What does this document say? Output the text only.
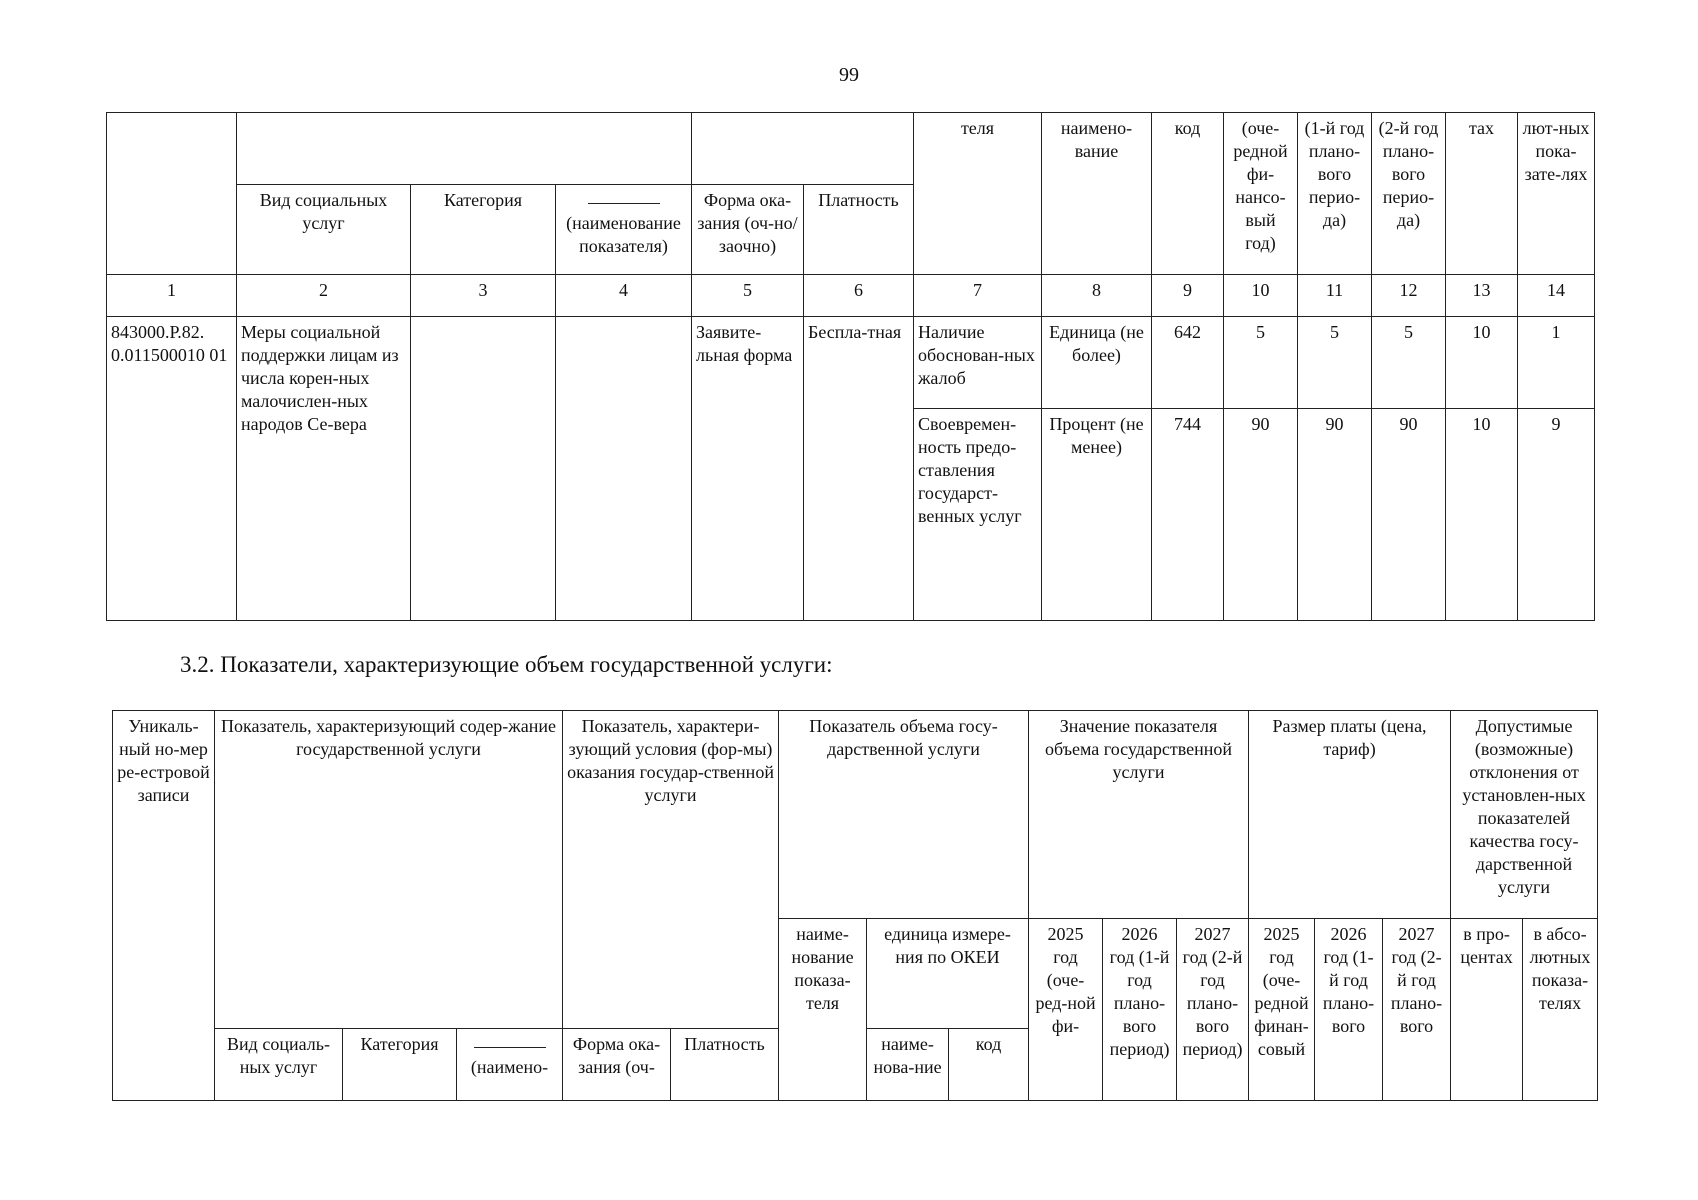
99
						теля	наимено-вание	код	(оче-редной фи-нансо-вый год)	(1-й год плано-вого перио-да)	(2-й год плано-вого перио-да)	тах	лют-ных пока-зате-лях
	Вид социальных услуг	Категория	(наименование показателя)	Форма ока-зания (оч-но/заочно)	Платность								
1	2	3	4	5	6	7	8	9	10	11	12	13	14
843000.Р.82. 0.011500010 01	Меры социальной поддержки лицам из числа корен-ных малочислен-ных народов Се-вера			Заявите-льная форма	Бесплa-тная	Наличие обоснован-ных жалоб	Единица (не более)	642	5	5	5	10	1
						Своевремен-ность предо-ставления государст-венных услуг	Процент (не менее)	744	90	90	90	10	9
3.2. Показатели, характеризующие объем государственной услуги:
Уникаль-ный но-мер ре-естровой записи	Показатель, характеризующий содер-жание государственной услуги			Показатель, характери-зующий условия (фор-мы) оказания государ-ственной услуги		Показатель объема госу-дарственной услуги			Значение показателя объема государственной услуги			Размер платы (цена, тариф)			Допустимые (возможные) отклонения от установлен-ных показателей качества госу-дарственной услуги	
						наиме-нование показа-теля	единица измере-ния по ОКЕИ		2025 год (оче-ред-ной фи-	2026 год (1-й год плано-вого период)	2027 год (2-й год плано-вого период)	2025 год (оче-редной финан-совый	2026 год (1-й год плано-вого	2027 год (2-й год плано-вого	в про-центах	в абсо-лютных показа-телях
	Вид социаль-ных услуг	Категория	(наимено-	Форма ока-зания (оч-	Платность		наиме-нова-ние	код								
